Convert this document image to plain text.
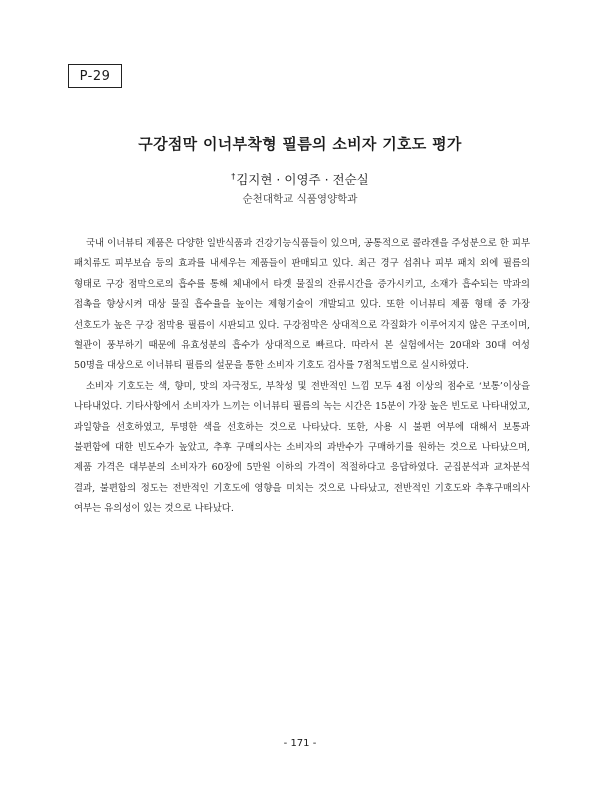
P-29
구강점막 이너부착형 필름의 소비자 기호도 평가
†김지현 · 이영주 · 전순실
순천대학교 식품영양학과

국내 이너뷰티 제품은 다양한 일반식품과 건강기능식품들이 있으며, 공통적으로 콜라겐을 주성분으로 한 피부 패치류도 피부보습 등의 효과를 내세우는 제품들이 판매되고 있다. 최근 경구 섭취나 피부 패치 외에 필름의 형태로 구강 점막으로의 흡수를 통해 체내에서 타겟 물질의 잔류시간을 증가시키고, 소재가 흡수되는 막과의 접촉을 향상시켜 대상 물질 흡수율을 높이는 제형기술이 개발되고 있다. 또한 이너뷰티 제품 형태 중 가장 선호도가 높은 구강 점막용 필름이 시판되고 있다. 구강점막은 상대적으로 각질화가 이루어지지 않은 구조이며, 혈관이 풍부하기 때문에 유효성분의 흡수가 상대적으로 빠르다. 따라서 본 실험에서는 20대와 30대 여성 50명을 대상으로 이너뷰티 필름의 설문을 통한 소비자 기호도 검사를 7점척도법으로 실시하였다.

소비자 기호도는 색, 향미, 맛의 자극정도, 부착성 및 전반적인 느낌 모두 4점 이상의 점수로 ‘보통’이상을 나타내었다. 기타사항에서 소비자가 느끼는 이너뷰티 필름의 녹는 시간은 15분이 가장 높은 빈도로 나타내었고, 과일향을 선호하였고, 투명한 색을 선호하는 것으로 나타났다. 또한, 사용 시 불편 여부에 대해서 보통과 불편함에 대한 빈도수가 높았고, 추후 구매의사는 소비자의 과반수가 구매하기를 원하는 것으로 나타났으며, 제품 가격은 대부분의 소비자가 60장에 5만원 이하의 가격이 적절하다고 응답하였다. 군집분석과 교차분석 결과, 불편함의 정도는 전반적인 기호도에 영향을 미치는 것으로 나타났고, 전반적인 기호도와 추후구매의사 여부는 유의성이 있는 것으로 나타났다.

- 171 -
